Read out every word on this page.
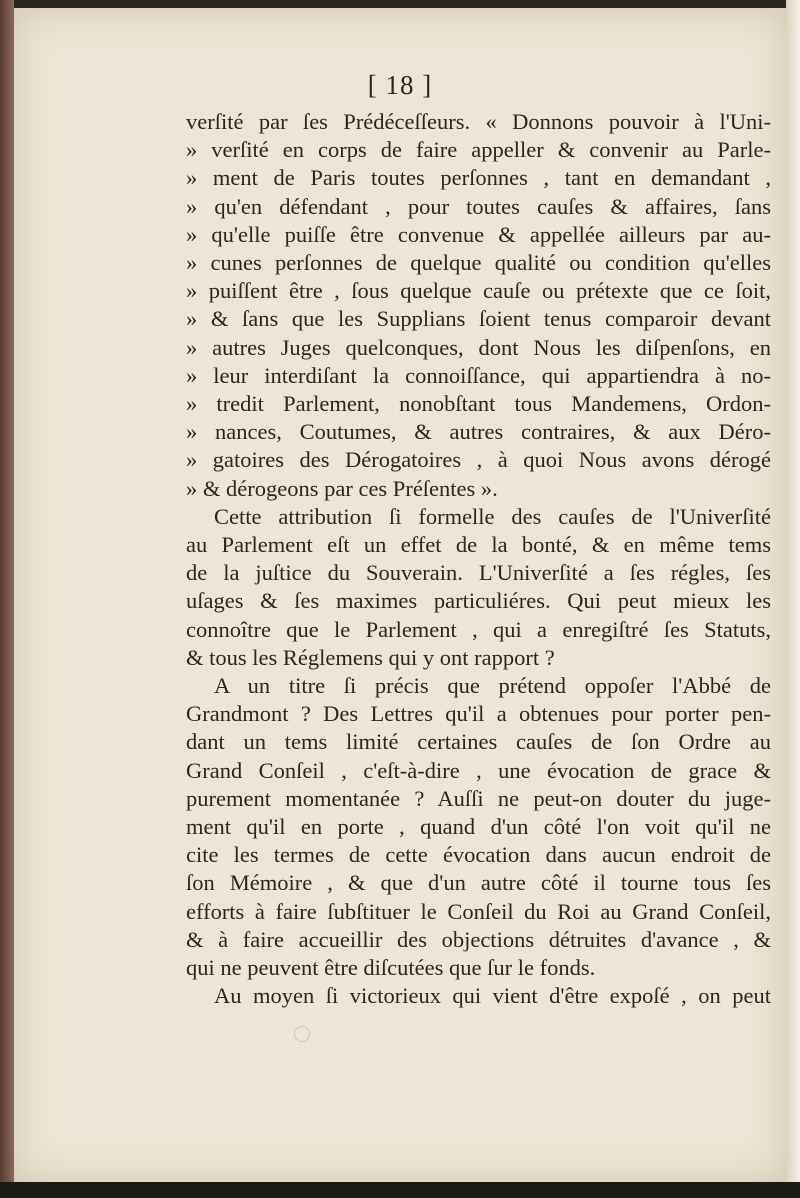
[ 18 ]
verſité par ſes Prédéceſſeurs. « Donnons pouvoir à l'Uni-
» verſité en corps de faire appeller & convenir au Parle-
» ment de Paris toutes perſonnes , tant en demandant ,
» qu'en défendant , pour toutes cauſes & affaires, ſans
» qu'elle puiſſe être convenue & appellée ailleurs par au-
» cunes perſonnes de quelque qualité ou condition qu'elles
» puiſſent être , ſous quelque cauſe ou prétexte que ce ſoit,
» & ſans que les Supplians ſoient tenus comparoir devant
» autres Juges quelconques, dont Nous les diſpenſons, en
» leur interdiſant la connoiſſance, qui appartiendra à no-
» tredit Parlement, nonobſtant tous Mandemens, Ordon-
» nances, Coutumes, & autres contraires, & aux Déro-
» gatoires des Dérogatoires , à quoi Nous avons dérogé
» & dérogeons par ces Préſentes ».
Cette attribution ſi formelle des cauſes de l'Univerſité
au Parlement eſt un effet de la bonté, & en même tems
de la juſtice du Souverain. L'Univerſité a ſes régles, ſes
uſages & ſes maximes particuliéres. Qui peut mieux les
connoître que le Parlement , qui a enregiſtré ſes Statuts,
& tous les Réglemens qui y ont rapport ?
A un titre ſi précis que prétend oppoſer l'Abbé de
Grandmont ? Des Lettres qu'il a obtenues pour porter pen-
dant un tems limité certaines cauſes de ſon Ordre au
Grand Conſeil , c'eſt-à-dire , une évocation de grace &
purement momentanée ? Auſſi ne peut-on douter du juge-
ment qu'il en porte , quand d'un côté l'on voit qu'il ne
cite les termes de cette évocation dans aucun endroit de
ſon Mémoire , & que d'un autre côté il tourne tous ſes
efforts à faire ſubſtituer le Conſeil du Roi au Grand Conſeil,
& à faire accueillir des objections détruites d'avance , &
qui ne peuvent être diſcutées que ſur le fonds.
Au moyen ſi victorieux qui vient d'être expoſé , on peut
